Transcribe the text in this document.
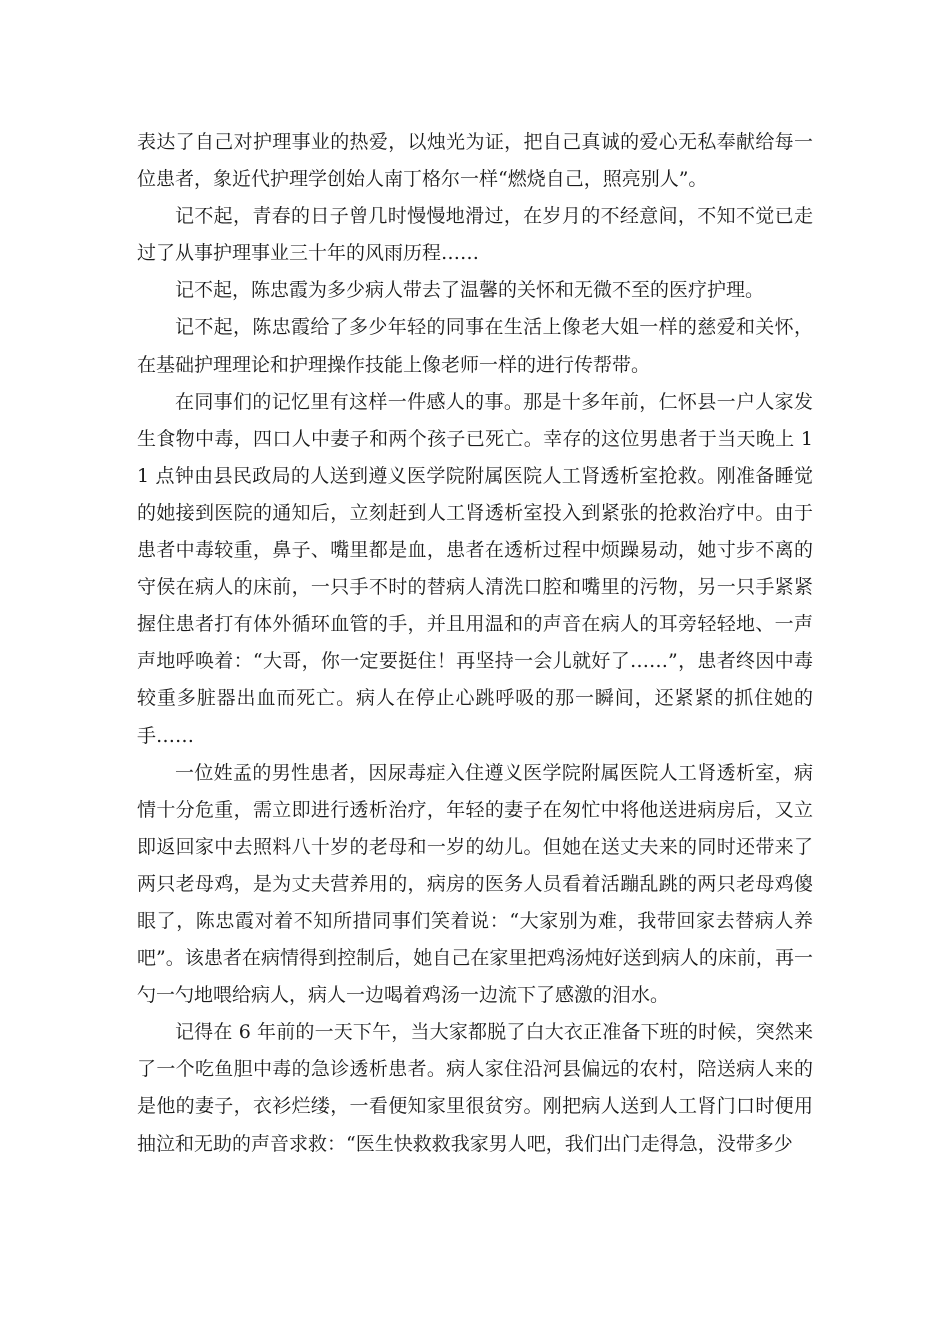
表达了自己对护理事业的热爱，以烛光为证，把自己真诚的爱心无私奉献给每一位患者，象近代护理学创始人南丁格尔一样“燃烧自己，照亮别人”。

记不起，青春的日子曾几时慢慢地滑过，在岁月的不经意间，不知不觉已走过了从事护理事业三十年的风雨历程……

记不起，陈忠霞为多少病人带去了温馨的关怀和无微不至的医疗护理。

记不起，陈忠霞给了多少年轻的同事在生活上像老大姐一样的慈爱和关怀，在基础护理理论和护理操作技能上像老师一样的进行传帮带。

在同事们的记忆里有这样一件感人的事。那是十多年前，仁怀县一户人家发生食物中毒，四口人中妻子和两个孩子已死亡。幸存的这位男患者于当天晚上 11 点钟由县民政局的人送到遵义医学院附属医院人工肾透析室抢救。刚准备睡觉的她接到医院的通知后，立刻赶到人工肾透析室投入到紧张的抢救治疗中。由于患者中毒较重，鼻子、嘴里都是血，患者在透析过程中烦躁易动，她寸步不离的守侯在病人的床前，一只手不时的替病人清洗口腔和嘴里的污物，另一只手紧紧握住患者打有体外循环血管的手，并且用温和的声音在病人的耳旁轻轻地、一声声地呼唤着：“大哥，你一定要挺住！再坚持一会儿就好了……”，患者终因中毒较重多脏器出血而死亡。病人在停止心跳呼吸的那一瞬间，还紧紧的抓住她的手……

一位姓孟的男性患者，因尿毒症入住遵义医学院附属医院人工肾透析室，病情十分危重，需立即进行透析治疗，年轻的妻子在匆忙中将他送进病房后，又立即返回家中去照料八十岁的老母和一岁的幼儿。但她在送丈夫来的同时还带来了两只老母鸡，是为丈夫营养用的，病房的医务人员看着活蹦乱跳的两只老母鸡傻眼了，陈忠霞对着不知所措同事们笑着说：“大家别为难，我带回家去替病人养吧”。该患者在病情得到控制后，她自己在家里把鸡汤炖好送到病人的床前，再一勺一勺地喂给病人，病人一边喝着鸡汤一边流下了感激的泪水。

记得在 6 年前的一天下午，当大家都脱了白大衣正准备下班的时候，突然来了一个吃鱼胆中毒的急诊透析患者。病人家住沿河县偏远的农村，陪送病人来的是他的妻子，衣衫烂缕，一看便知家里很贫穷。刚把病人送到人工肾门口时便用抽泣和无助的声音求救：“医生快救救我家男人吧，我们出门走得急，没带多少
